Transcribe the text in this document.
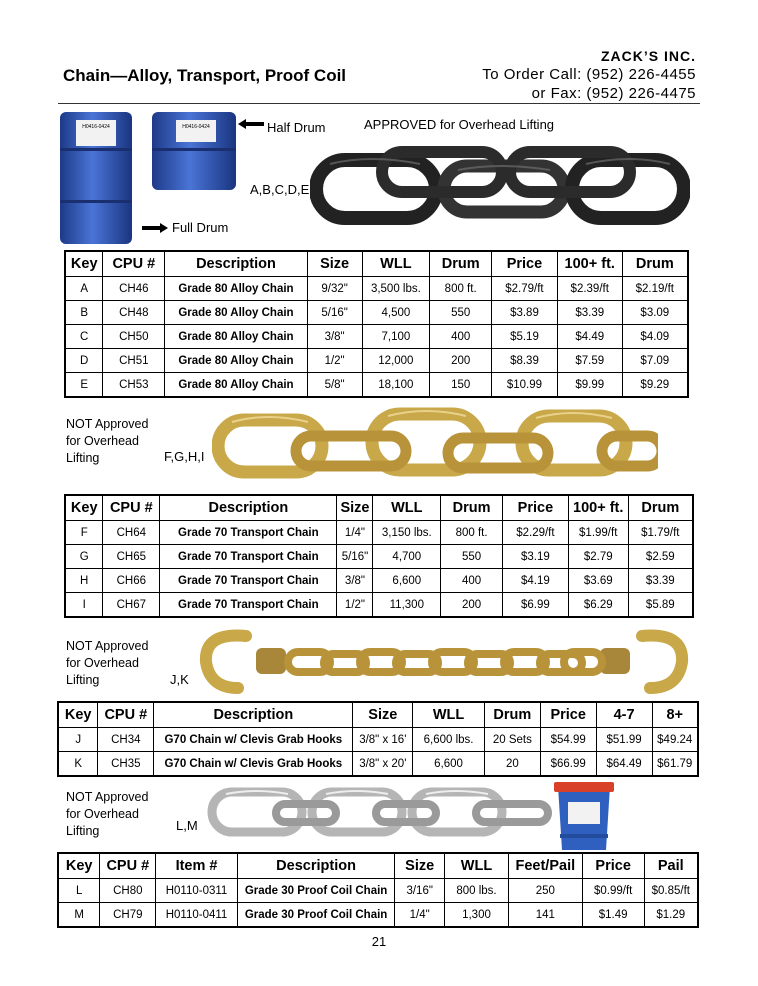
Chain—Alloy, Transport, Proof Coil
ZACK’S INC.
To Order Call: (952) 226-4455
or Fax: (952) 226-4475
H0416-0424	H0416-0424	Half Drum
Full Drum
APPROVED for Overhead Lifting
A,B,C,D,E
Key	CPU #	Description	Size	WLL	Drum	Price	100+ ft.	Drum
A	CH46	Grade 80 Alloy Chain	9/32"	3,500 lbs.	800 ft.	$2.79/ft	$2.39/ft	$2.19/ft
B	CH48	Grade 80 Alloy Chain	5/16"	4,500	550	$3.89	$3.39	$3.09
C	CH50	Grade 80 Alloy Chain	3/8"	7,100	400	$5.19	$4.49	$4.09
D	CH51	Grade 80 Alloy Chain	1/2"	12,000	200	$8.39	$7.59	$7.09
E	CH53	Grade 80 Alloy Chain	5/8"	18,100	150	$10.99	$9.99	$9.29
NOT Approved
for Overhead
Lifting	F,G,H,I
Key	CPU #	Description	Size	WLL	Drum	Price	100+ ft.	Drum
F	CH64	Grade 70 Transport Chain	1/4"	3,150 lbs.	800 ft.	$2.29/ft	$1.99/ft	$1.79/ft
G	CH65	Grade 70 Transport Chain	5/16"	4,700	550	$3.19	$2.79	$2.59
H	CH66	Grade 70 Transport Chain	3/8"	6,600	400	$4.19	$3.69	$3.39
I	CH67	Grade 70 Transport Chain	1/2"	11,300	200	$6.99	$6.29	$5.89
NOT Approved
for Overhead
Lifting	J,K
Key	CPU #	Description	Size	WLL	Drum	Price	4-7	8+
J	CH34	G70 Chain w/ Clevis Grab Hooks	3/8" x 16'	6,600 lbs.	20 Sets	$54.99	$51.99	$49.24
K	CH35	G70 Chain w/ Clevis Grab Hooks	3/8" x 20'	6,600	20	$66.99	$64.49	$61.79
NOT Approved
for Overhead
Lifting	L,M
Key	CPU #	Item #	Description	Size	WLL	Feet/Pail	Price	Pail
L	CH80	H0110-0311	Grade 30 Proof Coil Chain	3/16"	800 lbs.	250	$0.99/ft	$0.85/ft
M	CH79	H0110-0411	Grade 30 Proof Coil Chain	1/4"	1,300	141	$1.49	$1.29
21
